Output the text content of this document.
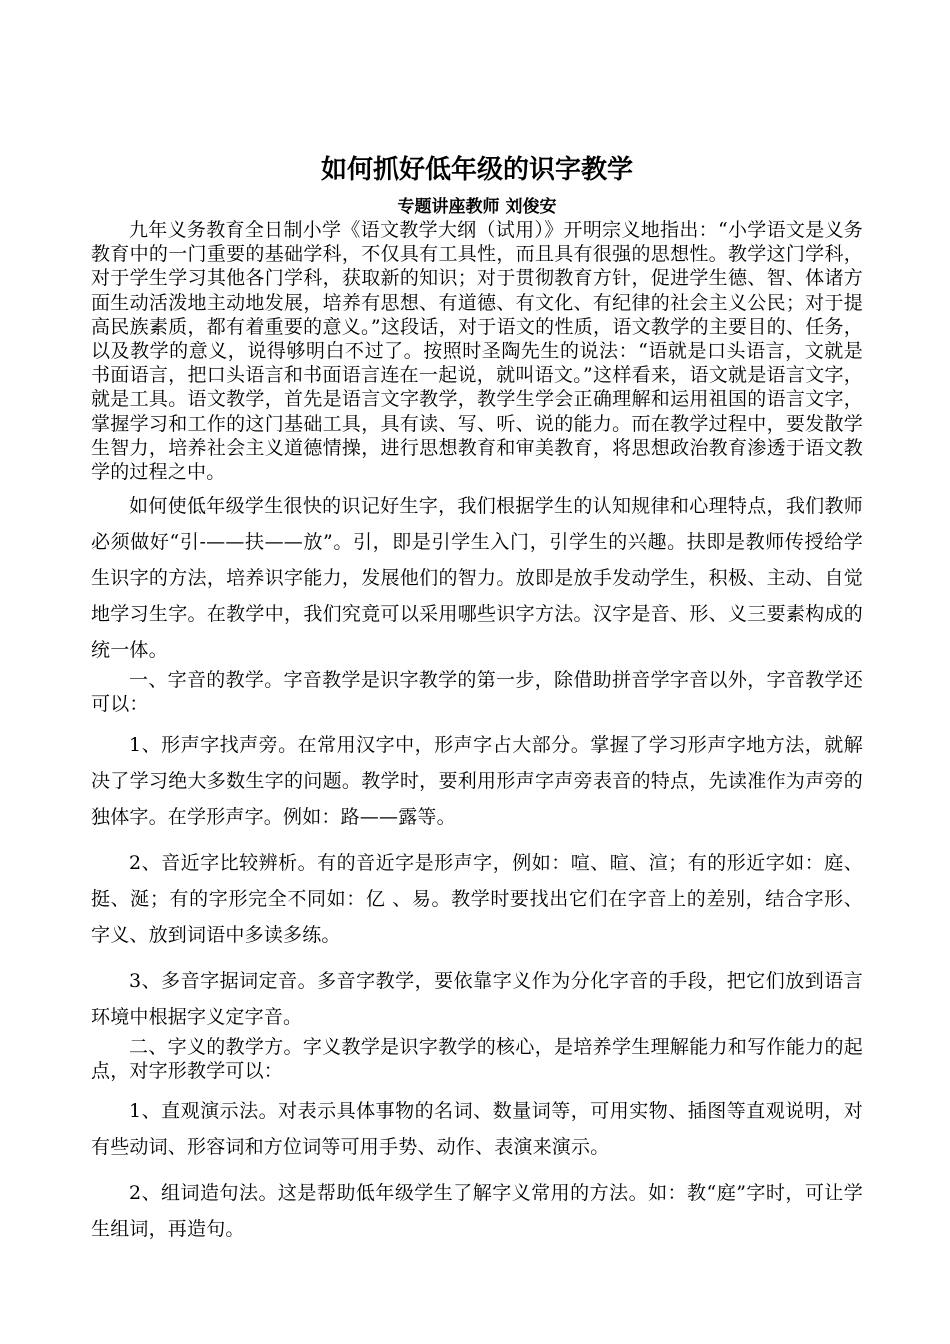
如何抓好低年级的识字教学

专题讲座教师 刘俊安

九年义务教育全日制小学《语文教学大纲（试用）》开明宗义地指出：“小学语文是义务教育中的一门重要的基础学科，不仅具有工具性，而且具有很强的思想性。教学这门学科，对于学生学习其他各门学科，获取新的知识；对于贯彻教育方针，促进学生德、智、体诸方面生动活泼地主动地发展，培养有思想、有道德、有文化、有纪律的社会主义公民；对于提高民族素质，都有着重要的意义。”这段话，对于语文的性质，语文教学的主要目的、任务，以及教学的意义，说得够明白不过了。按照时圣陶先生的说法：“语就是口头语言，文就是书面语言，把口头语言和书面语言连在一起说，就叫语文。”这样看来，语文就是语言文字，就是工具。语文教学，首先是语言文字教学，教学生学会正确理解和运用祖国的语言文字，掌握学习和工作的这门基础工具，具有读、写、听、说的能力。而在教学过程中，要发散学生智力，培养社会主义道德情操，进行思想教育和审美教育，将思想政治教育渗透于语文教学的过程之中。

如何使低年级学生很快的识记好生字，我们根据学生的认知规律和心理特点，我们教师必须做好“引-——扶——放”。引，即是引学生入门，引学生的兴趣。扶即是教师传授给学生识字的方法，培养识字能力，发展他们的智力。放即是放手发动学生，积极、主动、自觉地学习生字。在教学中，我们究竟可以采用哪些识字方法。汉字是音、形、义三要素构成的统一体。

一、字音的教学。字音教学是识字教学的第一步，除借助拼音学字音以外，字音教学还可以：

1、形声字找声旁。在常用汉字中，形声字占大部分。掌握了学习形声字地方法，就解决了学习绝大多数生字的问题。教学时，要利用形声字声旁表音的特点，先读准作为声旁的独体字。在学形声字。例如：路——露等。

2、音近字比较辨析。有的音近字是形声字，例如：喧、暄、渲；有的形近字如：庭、挺、涎；有的字形完全不同如：亿 、易。教学时要找出它们在字音上的差别，结合字形、字义、放到词语中多读多练。

3、多音字据词定音。多音字教学，要依靠字义作为分化字音的手段，把它们放到语言环境中根据字义定字音。

二、字义的教学方。字义教学是识字教学的核心，是培养学生理解能力和写作能力的起点，对字形教学可以：

1、直观演示法。对表示具体事物的名词、数量词等，可用实物、插图等直观说明，对有些动词、形容词和方位词等可用手势、动作、表演来演示。

2、组词造句法。这是帮助低年级学生了解字义常用的方法。如：教“庭”字时，可让学生组词，再造句。
